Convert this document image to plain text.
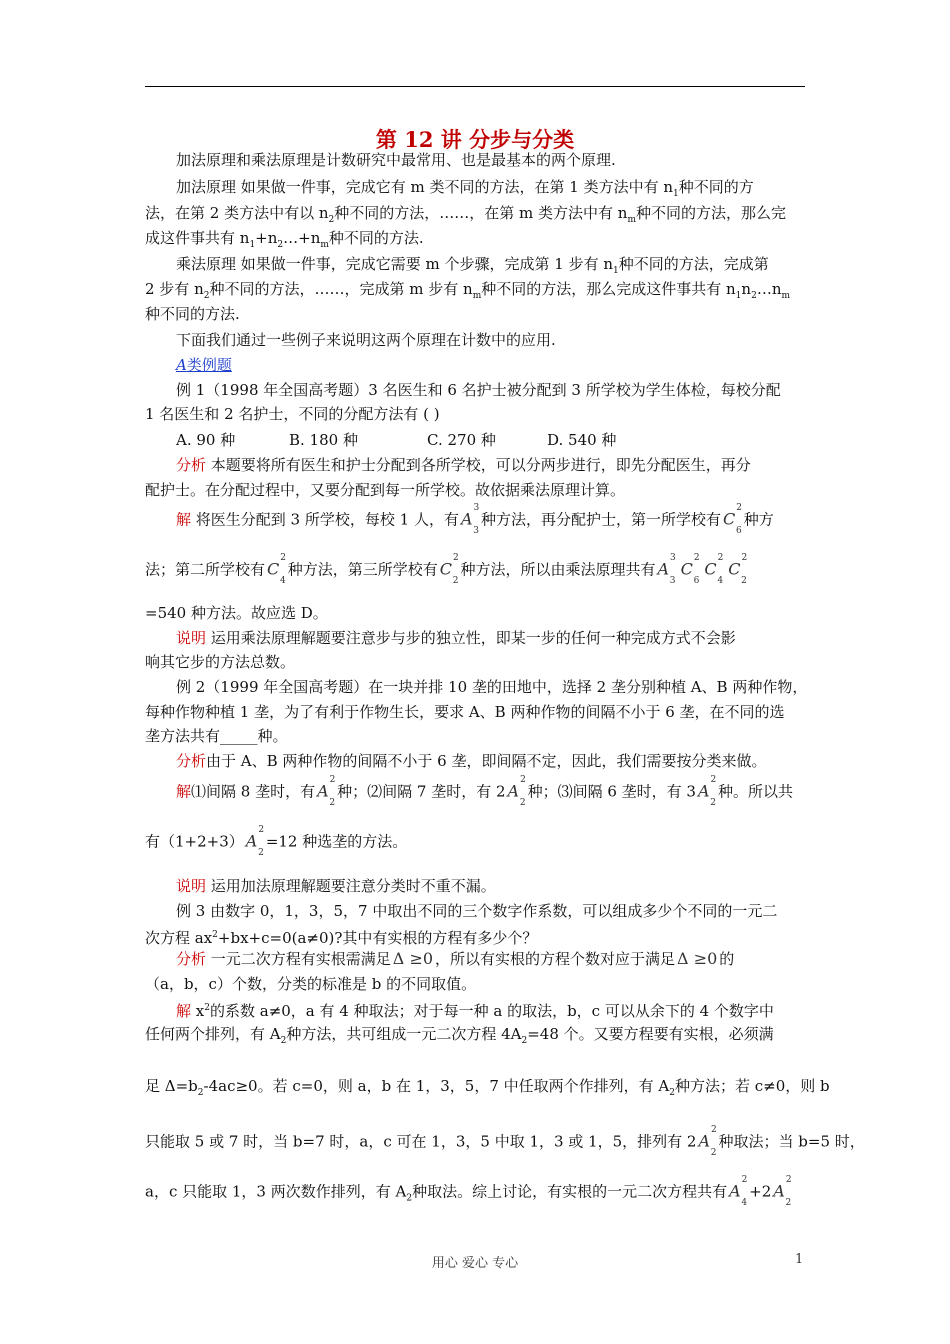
第 12 讲 分步与分类
加法原理和乘法原理是计数研究中最常用、也是最基本的两个原理.
加法原理 如果做一件事，完成它有 m 类不同的方法，在第 1 类方法中有 $n_1$种不同的方
法，在第 2 类方法中有以 $n_2$种不同的方法，……，在第 m 类方法中有 $n_m$种不同的方法，那么完
成这件事共有 $n_1+n_2\dots+n_m$种不同的方法.
乘法原理 如果做一件事，完成它需要 m 个步骤，完成第 1 步有 $n_1$种不同的方法，完成第
2 步有 $n_2$种不同的方法，……，完成第 m 步有 $n_m$种不同的方法，那么完成这件事共有 $n_1n_2\dots n_m$
种不同的方法.
下面我们通过一些例子来说明这两个原理在计数中的应用.
A类例题
例 1（1998 年全国高考题）3 名医生和 6 名护士被分配到 3 所学校为学生体检，每校分配
1 名医生和 2 名护士，不同的分配方法有 ( )
A. 90 种	B. 180 种	C. 270 种	D. 540 种
分析 本题要将所有医生和护士分配到各所学校，可以分两步进行，即先分配医生，再分
配护士。在分配过程中，又要分配到每一所学校。故依据乘法原理计算。
解 将医生分配到 3 所学校，每校 1 人，有 $A^3_3$种方法，再分配护士，第一所学校有 $C^2_6$种方
法；第二所学校有 $C^2_4$种方法，第三所学校有 $C^2_2$种方法，所以由乘法原理共有 $A^3_3$ $C^2_6$ $C^2_4$ $C^2_2$
=540 种方法。故应选 D。
说明 运用乘法原理解题要注意步与步的独立性，即某一步的任何一种完成方式不会影
响其它步的方法总数。
例 2（1999 年全国高考题）在一块并排 10 垄的田地中，选择 2 垄分别种植 A、B 两种作物，
每种作物种植 1 垄，为了有利于作物生长，要求 A、B 两种作物的间隔不小于 6 垄，在不同的选
垄方法共有_____种。
分析由于 A、B 两种作物的间隔不小于 6 垄，即间隔不定，因此，我们需要按分类来做。
解⑴间隔 8 垄时，有 $A^2_2$种；⑵间隔 7 垄时，有 2 $A^2_2$种；⑶间隔 6 垄时，有 3 $A^2_2$种。所以共
有（1+2+3） $A^2_2=12$ 种选垄的方法。
说明 运用加法原理解题要注意分类时不重不漏。
例 3 由数字 0，1，3，5，7 中取出不同的三个数字作系数，可以组成多少个不同的一元二
次方程 $ax^2+bx+c=0(a\ne 0)$?其中有实根的方程有多少个？
分析 一元二次方程有实根需满足 Δ ≥0 ，所以有实根的方程个数对应于满足 Δ ≥0 的
（a，b，c）个数，分类的标准是 b 的不同取值。
解 $x^2$的系数 a≠0，a 有 4 种取法；对于每一种 a 的取法，b，c 可以从余下的 4 个数字中
任何两个排列，有 $A_2$种方法，共可组成一元二次方程 $4A_2=48$ 个。又要方程要有实根，必须满
足 $\Delta=b_2-4ac\ge 0$。若 c=0，则 a，b 在 1，3，5，7 中任取两个作排列，有 $A_2$种方法；若 c≠0，则 b
只能取 5 或 7 时，当 b=7 时，a，c 可在 1，3，5 中取 1，3 或 1，5，排列有 2 $A^2_2$种取法；当 b=5 时，
a，c 只能取 1，3 两次数作排列，有 $A_2$种取法。综上讨论，有实根的一元二次方程共有 $A^2_4+2$ $A^2_2$
用心 爱心 专心	1
